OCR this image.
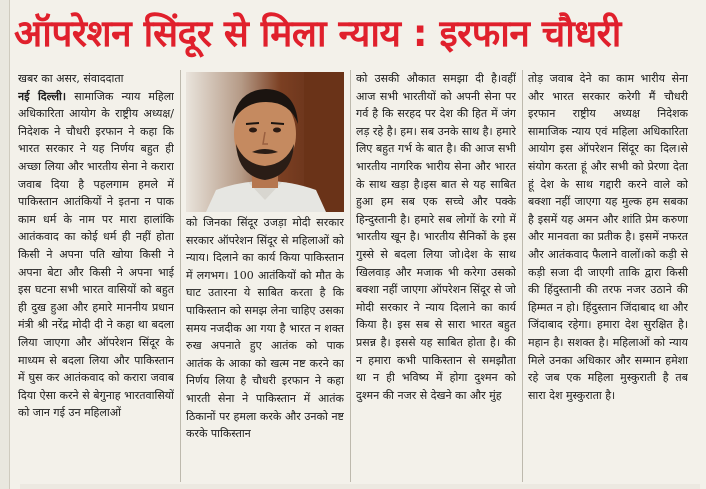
ऑपरेशन सिंदूर से मिला न्याय : इरफान चौधरी

खबर का असर, संवाददाता

नई दिल्ली। सामाजिक न्याय महिला अधिकारिता आयोग के राष्ट्रीय अध्यक्ष/ निदेशक ने चौधरी इरफान ने कहा कि भारत सरकार ने यह निर्णय बहुत ही अच्छा लिया और भारतीय सेना ने करारा जवाब दिया है पहलगाम हमले में पाकिस्तान आतंकियों ने इतना न पाक काम धर्म के नाम पर मारा हालांकि आतंकवाद का कोई धर्म ही नहीं होता किसी ने अपना पति खोया किसी ने अपना बेटा और किसी ने अपना भाई इस घटना सभी भारत वासियों को बहुत ही दुख हुआ और हमारे माननीय प्रधान मंत्री श्री नरेंद्र मोदी दी ने कहा था बदला लिया जाएगा और ऑपरेशन सिंदूर के माध्यम से बदला लिया और पाकिस्तान में घुस कर आतंकवाद को करारा जवाब दिया ऐसा करने से बेगुनाह भारतवासियों को जान गई उन महिलाओं

को जिनका सिंदूर उजड़ा मोदी सरकार सरकार ऑपरेशन सिंदूर से महिलाओं को न्याय। दिलाने का कार्य किया पाकिस्तान में लगभग। 100 आतंकियों को मौत के घाट उतारना ये साबित करता है कि पाकिस्तान को समझ लेना चाहिए उसका समय नजदीक आ गया है भारत न शक्त रुख अपनाते हुए आतंक को पाक आतंक के आका को खत्म नष्ट करने का निर्णय लिया है चौधरी इरफान ने कहा भारती सेना ने पाकिस्तान में आतंक ठिकानों पर हमला करके और उनको नष्ट करके पाकिस्तान

को उसकी औकात समझा दी है।वहीं आज सभी भारतीयों को अपनी सेना पर गर्व है कि सरहद पर देश की हित में जंग लड़ रहे है। हम। सब उनके साथ है। हमारे लिए बहुत गर्भ के बात है। की आज सभी भारतीय नागरिक भारीय सेना और भारत के साथ खड़ा है।इस बात से यह साबित हुआ हम सब एक सच्चे और पक्के हिन्दुस्तानी है। हमारे सब लोगों के रगो में भारतीय खून है। भारतीय सैनिकों के इस गुस्से से बदला लिया जो।देश के साथ खिलवाड़ और मजाक भी करेगा उसको बक्शा नहीं जाएगा ऑपरेशन सिंदूर से जो मोदी सरकार ने न्याय दिलाने का कार्य किया है। इस सब से सारा भारत बहुत प्रसन्न है। इससे यह साबित होता है। की न हमारा कभी पाकिस्तान से समझौता था न ही भविष्य में होगा दुश्मन को दुश्मन की नजर से देखने का और मुंह

तोड़ जवाब देने का काम भारीय सेना और भारत सरकार करेगी मैं चौधरी इरफान राष्ट्रीय अध्यक्ष निदेशक सामाजिक न्याय एवं महिला अधिकारिता आयोग इस ऑपरेशन सिंदूर का दिल।से संयोग करता हूं और सभी को प्रेरणा देता हूं देश के साथ गद्दारी करने वाले को बक्शा नहीं जाएगा यह मुल्क हम सबका है इसमें यह अमन और शांति प्रेम करुणा और मानवता का प्रतीक है। इसमें नफरत और आतंकवाद फैलाने वालों।को कड़ी से कड़ी सजा दी जाएगी ताकि द्वारा किसी की हिंदुस्तानी की तरफ नजर उठाने की हिम्मत न हो। हिंदुस्तान जिंदाबाद था और जिंदाबाद रहेगा। हमारा देश सुरक्षित है। महान है। सशक्त है। महिलाओं को न्याय मिले उनका अधिकार और सम्मान हमेशा रहे जब एक महिला मुस्कुराती है तब सारा देश मुस्कुराता है।
